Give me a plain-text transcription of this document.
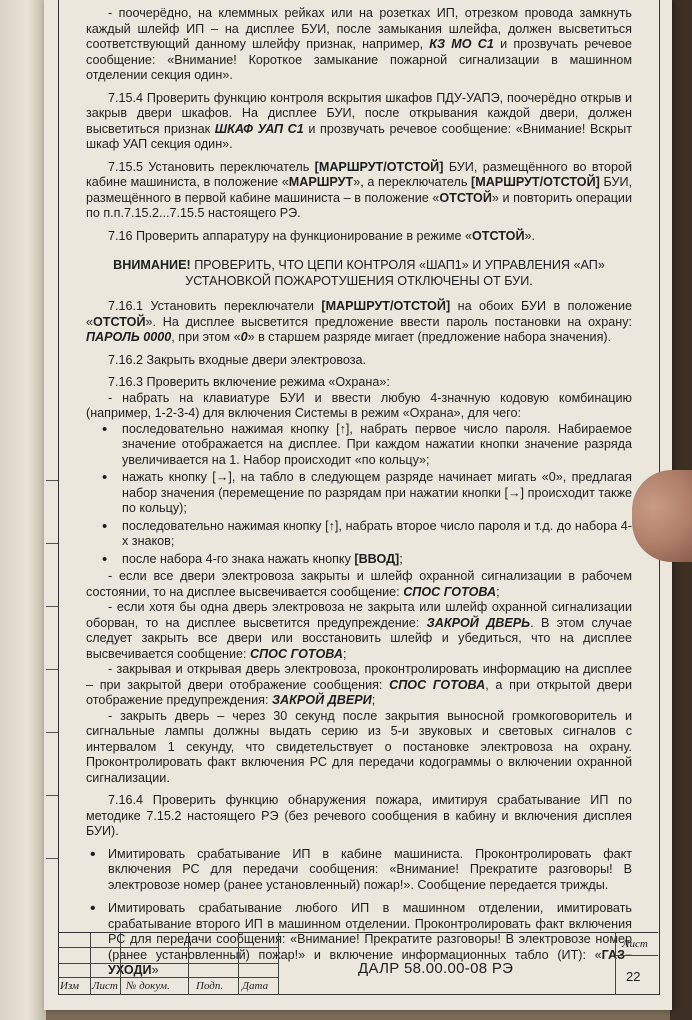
- поочерёдно, на клеммных рейках или на розетках ИП, отрезком провода замкнуть каждый шлейф ИП – на дисплее БУИ, после замыкания шлейфа, должен высветиться соответствующий данному шлейфу признак, например, КЗ МО С1 и прозвучать речевое сообщение: «Внимание! Короткое замыкание пожарной сигнализации в машинном отделении секция один».

7.15.4 Проверить функцию контроля вскрытия шкафов ПДУ-УАПЭ, поочерёдно открыв и закрыв двери шкафов. На дисплее БУИ, после открывания каждой двери, должен высветиться признак ШКАФ УАП С1 и прозвучать речевое сообщение: «Внимание! Вскрыт шкаф УАП секция один».

7.15.5 Установить переключатель [МАРШРУТ/ОТСТОЙ] БУИ, размещённого во второй кабине машиниста, в положение «МАРШРУТ», а переключатель [МАРШРУТ/ОТСТОЙ] БУИ, размещённого в первой кабине машиниста – в положение «ОТСТОЙ» и повторить операции по п.п.7.15.2...7.15.5 настоящего РЭ.

7.16 Проверить аппаратуру на функционирование в режиме «ОТСТОЙ».

ВНИМАНИЕ! ПРОВЕРИТЬ, ЧТО ЦЕПИ КОНТРОЛЯ «ШАП1» И УПРАВЛЕНИЯ «АП» УСТАНОВКОЙ ПОЖАРОТУШЕНИЯ ОТКЛЮЧЕНЫ ОТ БУИ.

7.16.1 Установить переключатели [МАРШРУТ/ОТСТОЙ] на обоих БУИ в положение «ОТСТОЙ». На дисплее высветится предложение ввести пароль постановки на охрану: ПАРОЛЬ 0000, при этом «0» в старшем разряде мигает (предложение набора значения).

7.16.2 Закрыть входные двери электровоза.

7.16.3 Проверить включение режима «Охрана»:

- набрать на клавиатуре БУИ и ввести любую 4-значную кодовую комбинацию (например, 1-2-3-4) для включения Системы в режим «Охрана», для чего:

• последовательно нажимая кнопку [↑], набрать первое число пароля. Набираемое значение отображается на дисплее. При каждом нажатии кнопки значение разряда увеличивается на 1. Набор происходит «по кольцу»;
• нажать кнопку [→], на табло в следующем разряде начинает мигать «0», предлагая набор значения (перемещение по разрядам при нажатии кнопки [→] происходит также по кольцу);
• последовательно нажимая кнопку [↑], набрать второе число пароля и т.д. до набора 4-х знаков;
• после набора 4-го знака нажать кнопку [ВВОД];

- если все двери электровоза закрыты и шлейф охранной сигнализации в рабочем состоянии, то на дисплее высвечивается сообщение: СПОС ГОТОВА;

- если хотя бы одна дверь электровоза не закрыта или шлейф охранной сигнализации оборван, то на дисплее высветится предупреждение: ЗАКРОЙ ДВЕРЬ. В этом случае следует закрыть все двери или восстановить шлейф и убедиться, что на дисплее высвечивается сообщение: СПОС ГОТОВА;

- закрывая и открывая дверь электровоза, проконтролировать информацию на дисплее – при закрытой двери отображение сообщения: СПОС ГОТОВА, а при открытой двери отображение предупреждения: ЗАКРОЙ ДВЕРИ;

- закрыть дверь – через 30 секунд после закрытия выносной громкоговоритель и сигнальные лампы должны выдать серию из 5-и звуковых и световых сигналов с интервалом 1 секунду, что свидетельствует о постановке электровоза на охрану. Проконтролировать факт включения РС для передачи кодограммы о включении охранной сигнализации.

7.16.4 Проверить функцию обнаружения пожара, имитируя срабатывание ИП по методике 7.15.2 настоящего РЭ (без речевого сообщения в кабину и включения дисплея БУИ).

• Имитировать срабатывание ИП в кабине машиниста. Проконтролировать факт включения РС для передачи сообщения: «Внимание! Прекратите разговоры! В электровозе номер (ранее установленный) пожар!». Сообщение передается трижды.
• Имитировать срабатывание любого ИП в машинном отделении, имитировать срабатывание второго ИП в машинном отделении. Проконтролировать факт включения РС для передачи сообщения: «Внимание! Прекратите разговоры! В электровозе номер (ранее установленный) пожар!» и включение информационных табло (ИТ): «ГАЗ–УХОДИ»
Изм Лист № докум. Подп. Дата
ДАЛР 58.00.00-08 РЭ
Лист
22
